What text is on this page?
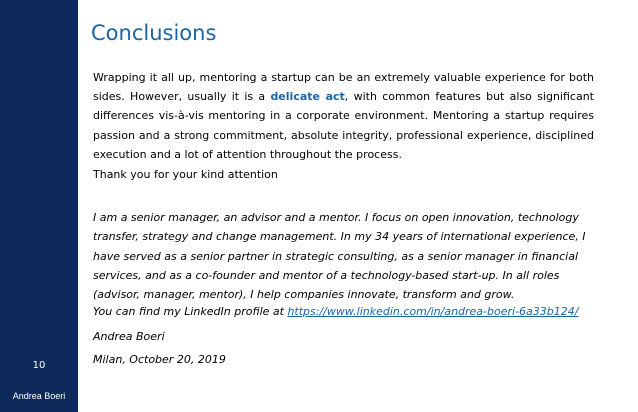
10
Andrea Boeri
Conclusions

Wrapping it all up, mentoring a startup can be an extremely valuable experience for both sides. However, usually it is a delicate act, with common features but also significant differences vis-à-vis mentoring in a corporate environment. Mentoring a startup requires passion and a strong commitment, absolute integrity, professional experience, disciplined execution and a lot of attention throughout the process.

Thank you for your kind attention

I am a senior manager, an advisor and a mentor. I focus on open innovation, technology transfer, strategy and change management. In my 34 years of international experience, I have served as a senior partner in strategic consulting, as a senior manager in financial services, and as a co-founder and mentor of a technology-based start-up. In all roles (advisor, manager, mentor), I help companies innovate, transform and grow.

You can find my LinkedIn profile at https://www.linkedin.com/in/andrea-boeri-6a33b124/

Andrea Boeri

Milan, October 20, 2019
